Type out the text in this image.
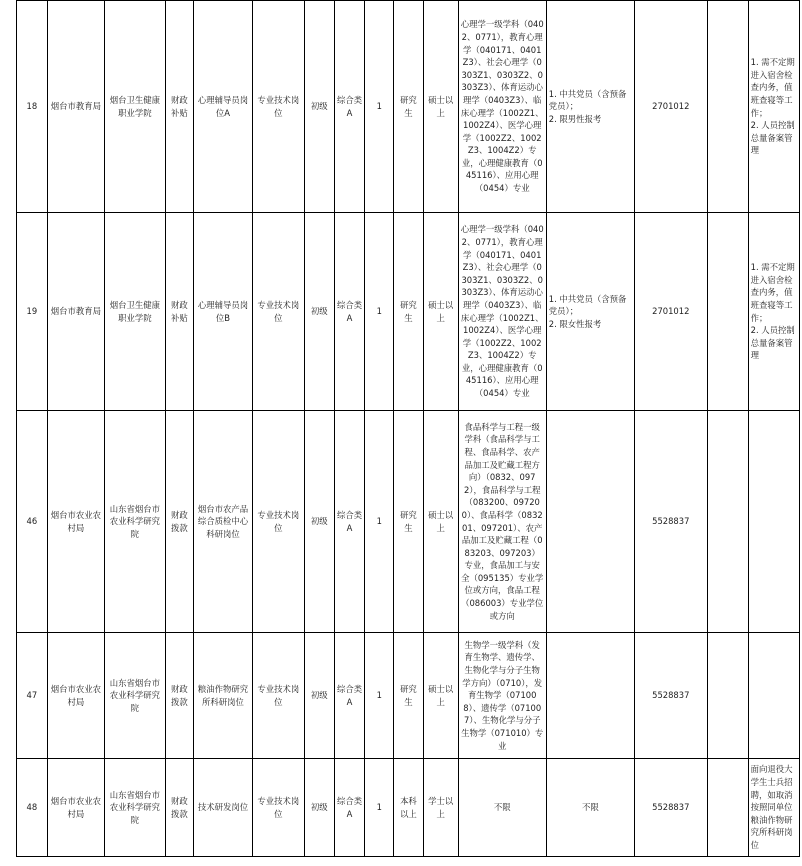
18	烟台市教育局	烟台卫生健康职业学院	财政补贴	心理辅导员岗位A	专业技术岗位	初级	综合类A	1	研究生	硕士以上	心理学一级学科（0402、0771），教育心理学（040171、0401Z3）、社会心理学（0303Z1、0303Z2、0303Z3）、体育运动心理学（0403Z3）、临床心理学（1002Z1、1002Z4）、医学心理学（1002Z2、1002Z3、1004Z2）专业，心理健康教育（045116）、应用心理（0454）专业	1. 中共党员（含预备党员）；
2. 限男性报考	2701012		1. 需不定期进入宿舍检查内务，值班查寝等工作；
2. 人员控制总量备案管理
19	烟台市教育局	烟台卫生健康职业学院	财政补贴	心理辅导员岗位B	专业技术岗位	初级	综合类A	1	研究生	硕士以上	心理学一级学科（0402、0771），教育心理学（040171、0401Z3）、社会心理学（0303Z1、0303Z2、0303Z3）、体育运动心理学（0403Z3）、临床心理学（1002Z1、1002Z4）、医学心理学（1002Z2、1002Z3、1004Z2）专业，心理健康教育（045116）、应用心理（0454）专业	1. 中共党员（含预备党员）；
2. 限女性报考	2701012		1. 需不定期进入宿舍检查内务，值班查寝等工作；
2. 人员控制总量备案管理
46	烟台市农业农村局	山东省烟台市农业科学研究院	财政拨款	烟台市农产品综合质检中心科研岗位	专业技术岗位	初级	综合类A	1	研究生	硕士以上	食品科学与工程一级学科（食品科学与工程、食品科学、农产品加工及贮藏工程方向）（0832、0972），食品科学与工程（083200、097200）、食品科学（083201、097201）、农产品加工及贮藏工程（083203、097203）专业，食品加工与安全（095135）专业学位或方向，食品工程（086003）专业学位或方向		5528837		
47	烟台市农业农村局	山东省烟台市农业科学研究院	财政拨款	粮油作物研究所科研岗位	专业技术岗位	初级	综合类A	1	研究生	硕士以上	生物学一级学科（发育生物学、遗传学、生物化学与分子生物学方向）（0710），发育生物学（071008）、遗传学（071007）、生物化学与分子生物学（071010）专业		5528837		
48	烟台市农业农村局	山东省烟台市农业科学研究院	财政拨款	技术研发岗位	专业技术岗位	初级	综合类A	1	本科以上	学士以上	不限	不限	5528837		面向退役大学生士兵招聘，如取消按照同单位粮油作物研究所科研岗位
